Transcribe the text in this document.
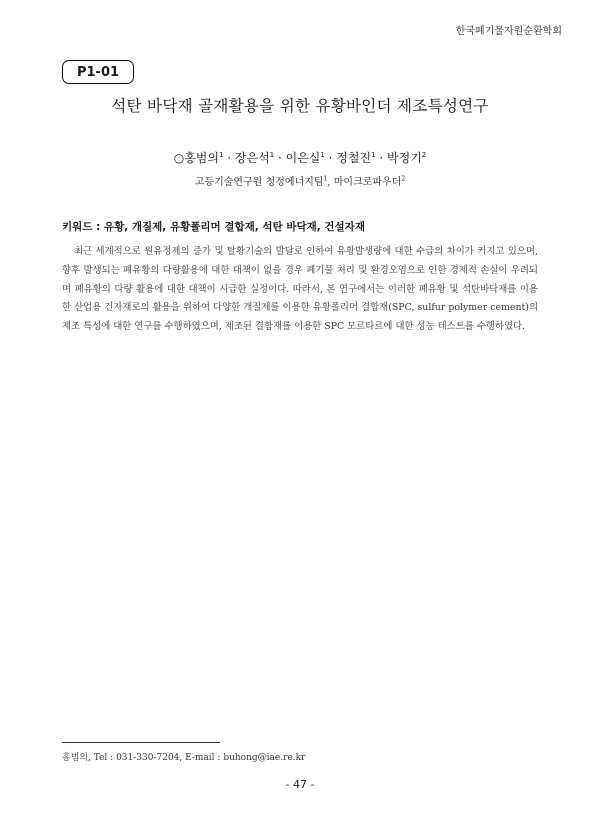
한국폐기물자원순환학회
P1-01
석탄 바닥재 골재활용을 위한 유황바인더 제조특성연구
○홍범의$^1$ · 장은석$^1$ · 이은실$^1$ · 정철진$^1$ · 박정기$^2$
고등기술연구원 청정에너지팀$^1$, 마이크로파우더$^2$
키워드 : 유황, 개질제, 유황폴리머 결합재, 석탄 바닥재, 건설자재

최근 세계적으로 원유정제의 증가 및 탈황기술의 발달로 인하여 유황발생량에 대한 수급의 차이가 커지고 있으며, 향후 발생되는 폐유황의 다량활용에 대한 대책이 없을 경우 폐기물 처리 및 환경오염으로 인한 경제적 손실이 우려되며 폐유황의 다량 활용에 대한 대책이 시급한 실정이다. 따라서, 본 연구에서는 이러한 폐유황 및 석탄바닥재를 이용한 산업용 건자재로의 활용을 위하여 다양한 개질제를 이용한 유황폴리머 결합재(SPC, sulfur polymer cement)의 제조 특성에 대한 연구를 수행하였으며, 제조된 결합재를 이용한 SPC 모르타르에 대한 성능 테스트를 수행하였다.

홍범의, Tel : 031-330-7204, E-mail : buhong@iae.re.kr
- 47 -
